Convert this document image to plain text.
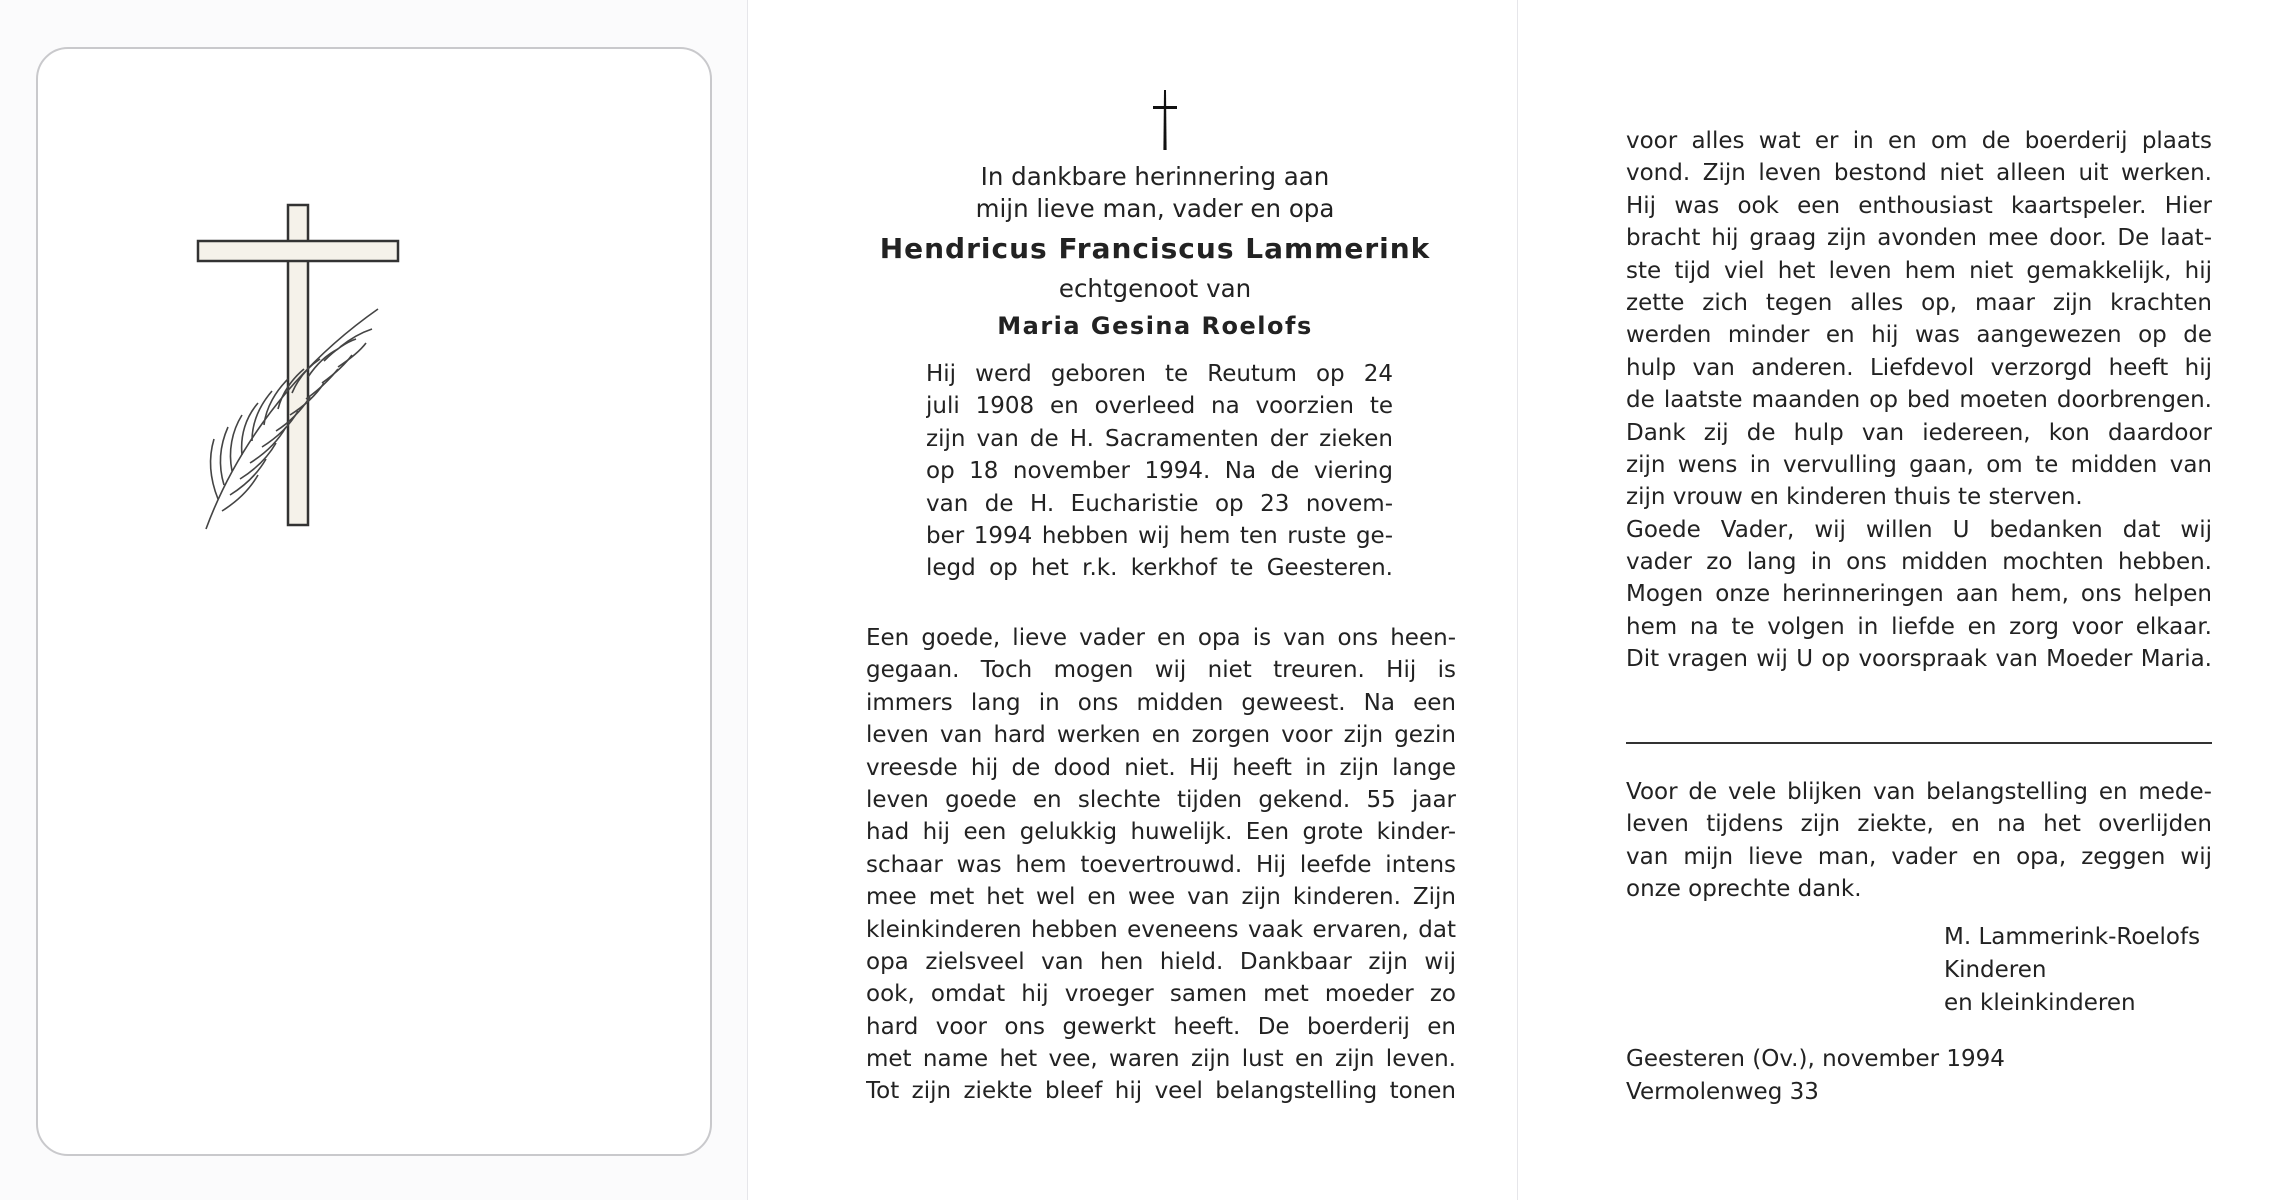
In dankbare herinnering aan
mijn lieve man, vader en opa
Hendricus Franciscus Lammerink
echtgenoot van
Maria Gesina Roelofs
Hij werd geboren te Reutum op 24
juli 1908 en overleed na voorzien te
zijn van de H. Sacramenten der zieken
op 18 november 1994. Na de viering
van de H. Eucharistie op 23 novem-
ber 1994 hebben wij hem ten ruste ge-
legd op het r.k. kerkhof te Geesteren.
Een goede, lieve vader en opa is van ons heen-
gegaan. Toch mogen wij niet treuren. Hij is
immers lang in ons midden geweest. Na een
leven van hard werken en zorgen voor zijn gezin
vreesde hij de dood niet. Hij heeft in zijn lange
leven goede en slechte tijden gekend. 55 jaar
had hij een gelukkig huwelijk. Een grote kinder-
schaar was hem toevertrouwd. Hij leefde intens
mee met het wel en wee van zijn kinderen. Zijn
kleinkinderen hebben eveneens vaak ervaren, dat
opa zielsveel van hen hield. Dankbaar zijn wij
ook, omdat hij vroeger samen met moeder zo
hard voor ons gewerkt heeft. De boerderij en
met name het vee, waren zijn lust en zijn leven.
Tot zijn ziekte bleef hij veel belangstelling tonen
voor alles wat er in en om de boerderij plaats
vond. Zijn leven bestond niet alleen uit werken.
Hij was ook een enthousiast kaartspeler. Hier
bracht hij graag zijn avonden mee door. De laat-
ste tijd viel het leven hem niet gemakkelijk, hij
zette zich tegen alles op, maar zijn krachten
werden minder en hij was aangewezen op de
hulp van anderen. Liefdevol verzorgd heeft hij
de laatste maanden op bed moeten doorbrengen.
Dank zij de hulp van iedereen, kon daardoor
zijn wens in vervulling gaan, om te midden van
zijn vrouw en kinderen thuis te sterven.
Goede Vader, wij willen U bedanken dat wij
vader zo lang in ons midden mochten hebben.
Mogen onze herinneringen aan hem, ons helpen
hem na te volgen in liefde en zorg voor elkaar.
Dit vragen wij U op voorspraak van Moeder Maria.
Voor de vele blijken van belangstelling en mede-
leven tijdens zijn ziekte, en na het overlijden
van mijn lieve man, vader en opa, zeggen wij
onze oprechte dank.
M. Lammerink-Roelofs
Kinderen
en kleinkinderen
Geesteren (Ov.), november 1994
Vermolenweg 33
